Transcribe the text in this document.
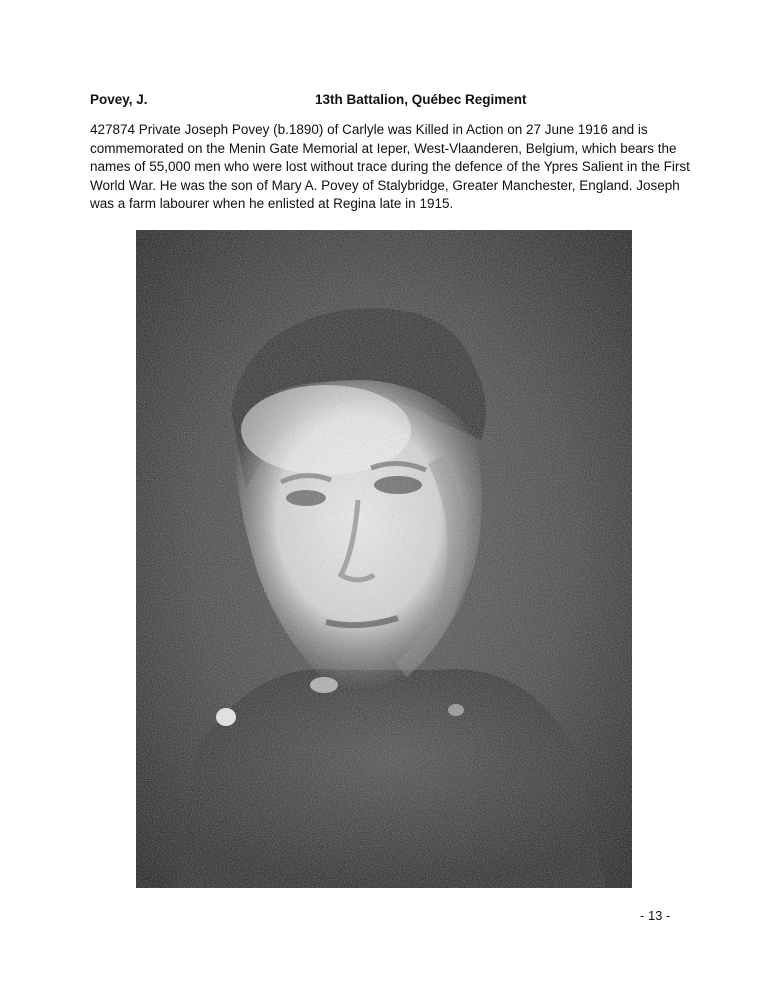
Povey, J.	13th Battalion, Québec Regiment

427874 Private Joseph Povey (b.1890) of Carlyle was Killed in Action on 27 June 1916 and is commemorated on the Menin Gate Memorial at Ieper, West-Vlaanderen, Belgium, which bears the names of 55,000 men who were lost without trace during the defence of the Ypres Salient in the First World War. He was the son of Mary A. Povey of Stalybridge, Greater Manchester, England. Joseph was a farm labourer when he enlisted at Regina late in 1915.

- 13 -
